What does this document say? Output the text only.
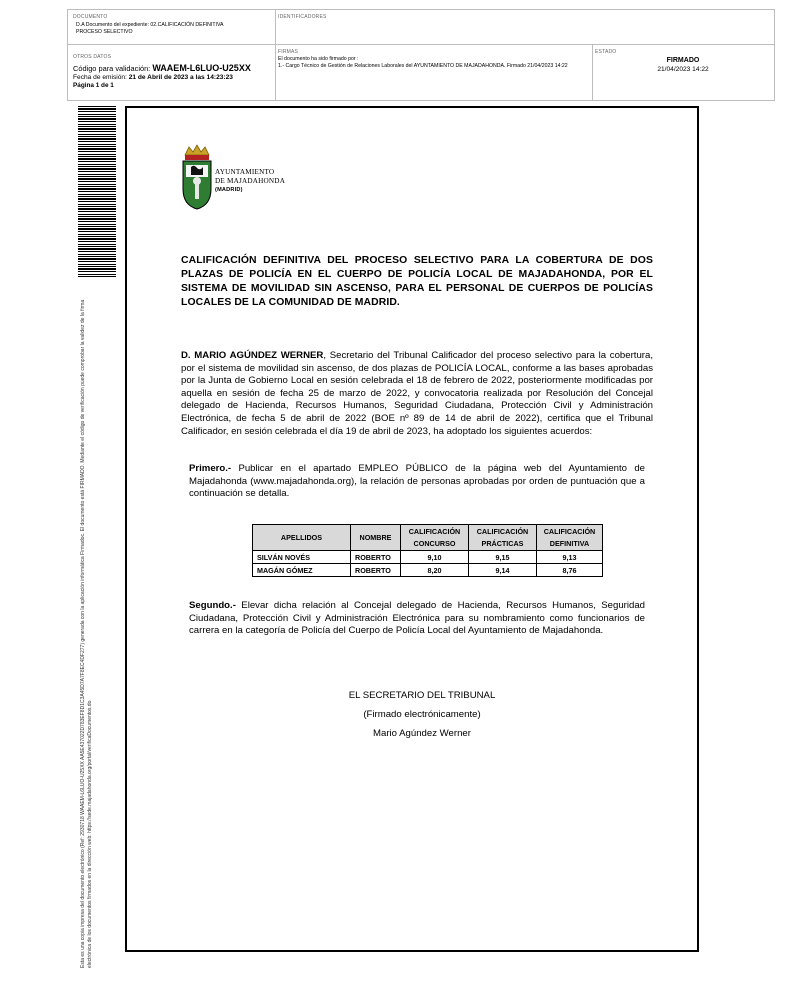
DOCUMENTO
D.A Documento del expediente: 02.CALIFICACIÓN DEFINITIVA PROCESO SELECTIVO
IDENTIFICADORES
OTROS DATOS
Código para validación: WAAEM-L6LUO-U25XX
Fecha de emisión: 21 de Abril de 2023 a las 14:23:23
Página 1 de 1
FIRMAS
El documento ha sido firmado por :
1.- Cargo Técnico de Gestión de Relaciones Laborales del AYUNTAMIENTO DE MAJADAHONDA. Firmado 21/04/2023 14:22
ESTADO
FIRMADO
21/04/2023 14:22
Esta es una copia impresa del documento electrónico (Ref: 2930718 WAAEM-L6LUO-U25XX AA5E437022D783EF8D1C3A45D7A7F8EC4DF277) generada con la aplicación informática Firmadoc. El documento está FIRMADO. Mediante el código de verificación puede comprobar la validez de la firma electrónica de los documentos firmados en la dirección web: https://sede.majadahonda.org/portal/verificaDocumentos.do
AYUNTAMIENTO
DE MAJADAHONDA
(MADRID)
CALIFICACIÓN DEFINITIVA DEL PROCESO SELECTIVO PARA LA COBERTURA DE DOS PLAZAS DE POLICÍA EN EL CUERPO DE POLICÍA LOCAL DE MAJADAHONDA, POR EL SISTEMA DE MOVILIDAD SIN ASCENSO, PARA EL PERSONAL DE CUERPOS DE POLICÍAS LOCALES DE LA COMUNIDAD DE MADRID.
D. MARIO AGÚNDEZ WERNER, Secretario del Tribunal Calificador del proceso selectivo para la cobertura, por el sistema de movilidad sin ascenso, de dos plazas de POLICÍA LOCAL, conforme a las bases aprobadas por la Junta de Gobierno Local en sesión celebrada el 18 de febrero de 2022, posteriormente modificadas por aquella en sesión de fecha 25 de marzo de 2022, y convocatoria realizada por Resolución del Concejal delegado de Hacienda, Recursos Humanos, Seguridad Ciudadana, Protección Civil y Administración Electrónica, de fecha 5 de abril de 2022 (BOE nº 89 de 14 de abril de 2022), certifica que el Tribunal Calificador, en sesión celebrada el día 19 de abril de 2023, ha adoptado los siguientes acuerdos:
Primero.- Publicar en el apartado EMPLEO PÚBLICO de la página web del Ayuntamiento de Majadahonda (www.majadahonda.org), la relación de personas aprobadas por orden de puntuación que a continuación se detalla.
APELLIDOS	NOMBRE	CALIFICACIÓN CONCURSO	CALIFICACIÓN PRÁCTICAS	CALIFICACIÓN DEFINITIVA
SILVÁN NOVÉS	ROBERTO	9,10	9,15	9,13
MAGÁN GÓMEZ	ROBERTO	8,20	9,14	8,76
Segundo.- Elevar dicha relación al Concejal delegado de Hacienda, Recursos Humanos, Seguridad Ciudadana, Protección Civil y Administración Electrónica para su nombramiento como funcionarios de carrera en la categoría de Policía del Cuerpo de Policía Local del Ayuntamiento de Majadahonda.
EL SECRETARIO DEL TRIBUNAL
(Firmado electrónicamente)
Mario Agúndez Werner
